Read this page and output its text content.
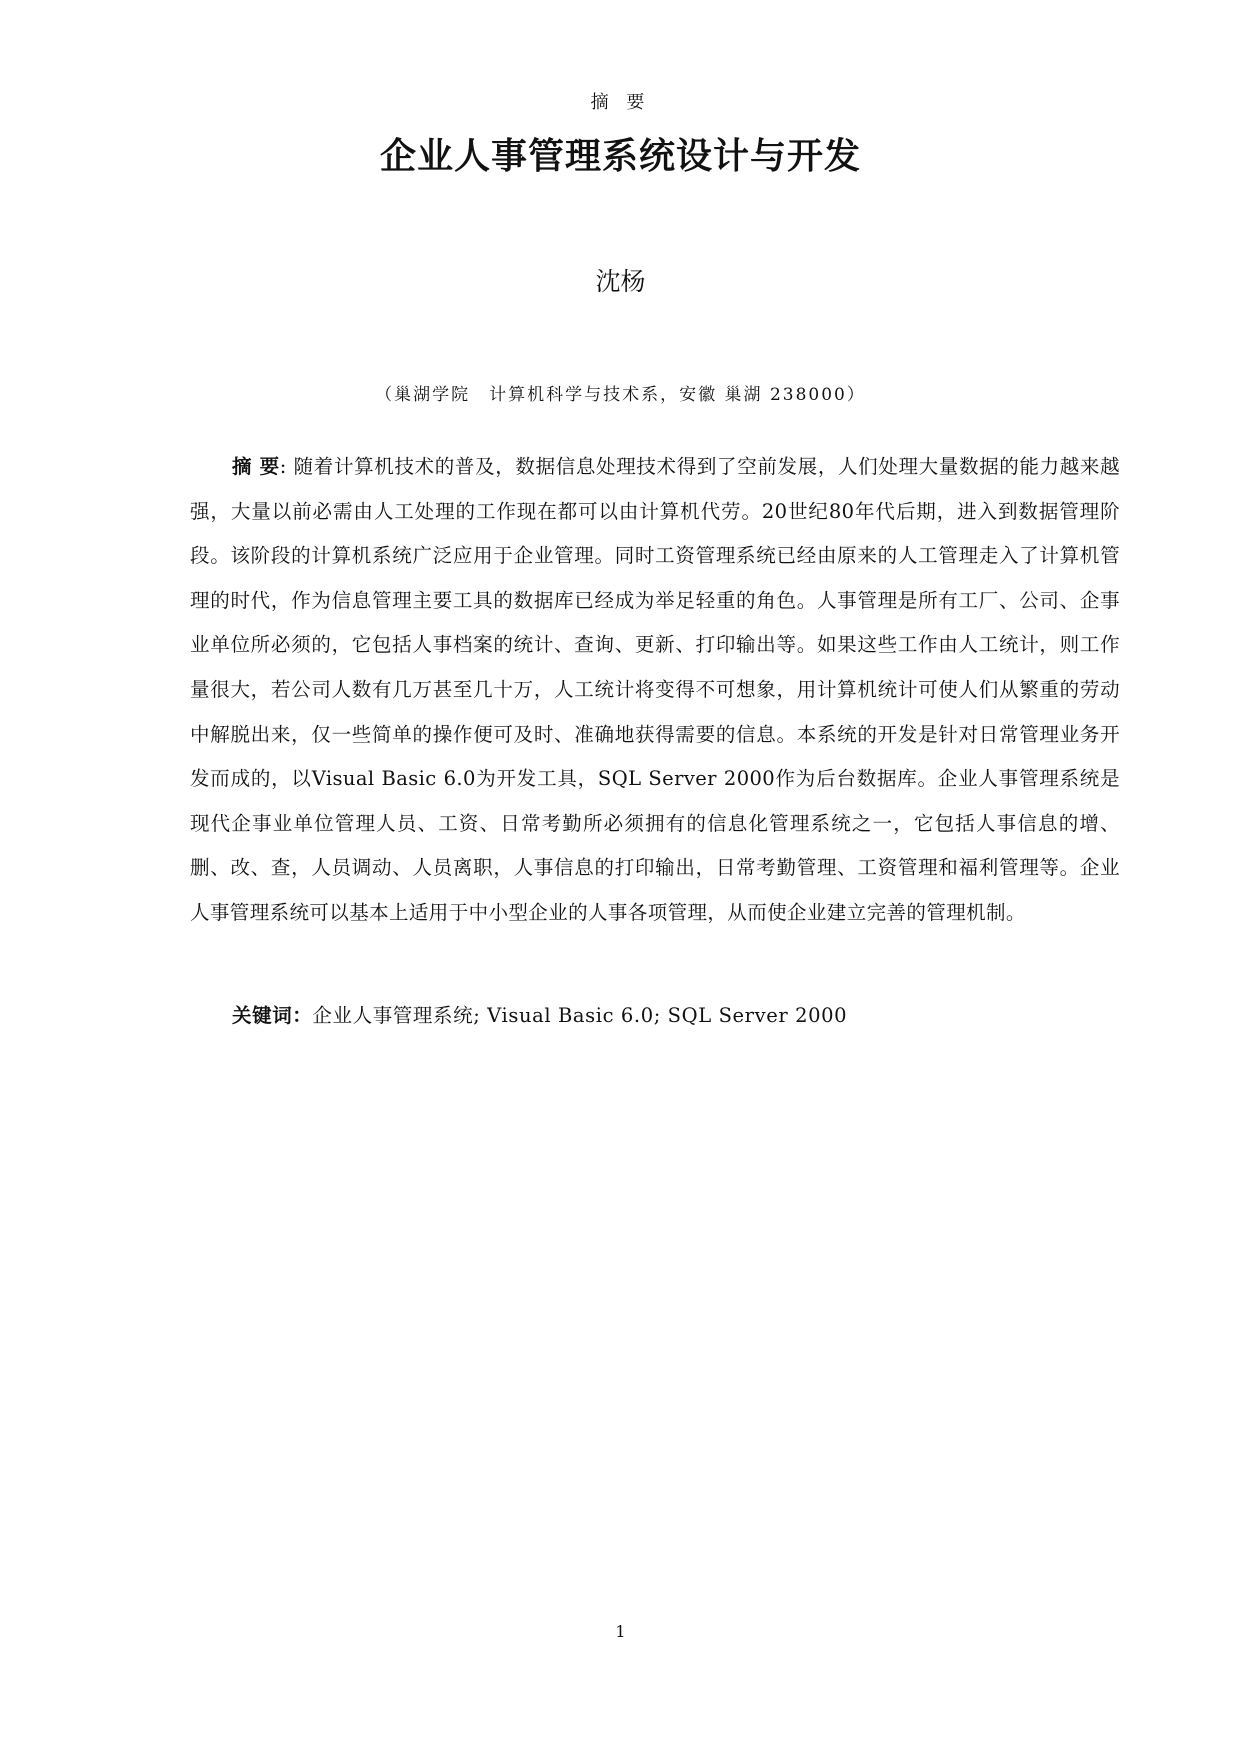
摘 要
企业人事管理系统设计与开发
沈杨
（巢湖学院　计算机科学与技术系，安徽 巢湖 238000）

摘 要: 随着计算机技术的普及，数据信息处理技术得到了空前发展，人们处理大量数据的能力越来越强，大量以前必需由人工处理的工作现在都可以由计算机代劳。20世纪80年代后期，进入到数据管理阶段。该阶段的计算机系统广泛应用于企业管理。同时工资管理系统已经由原来的人工管理走入了计算机管理的时代，作为信息管理主要工具的数据库已经成为举足轻重的角色。人事管理是所有工厂、公司、企事业单位所必须的，它包括人事档案的统计、查询、更新、打印输出等。如果这些工作由人工统计，则工作量很大，若公司人数有几万甚至几十万，人工统计将变得不可想象，用计算机统计可使人们从繁重的劳动中解脱出来，仅一些简单的操作便可及时、准确地获得需要的信息。本系统的开发是针对日常管理业务开发而成的，以Visual Basic 6.0为开发工具，SQL Server 2000作为后台数据库。企业人事管理系统是现代企事业单位管理人员、工资、日常考勤所必须拥有的信息化管理系统之一，它包括人事信息的增、删、改、查，人员调动、人员离职，人事信息的打印输出，日常考勤管理、工资管理和福利管理等。企业人事管理系统可以基本上适用于中小型企业的人事各项管理，从而使企业建立完善的管理机制。

关键词：企业人事管理系统; Visual Basic 6.0; SQL Server 2000

1
